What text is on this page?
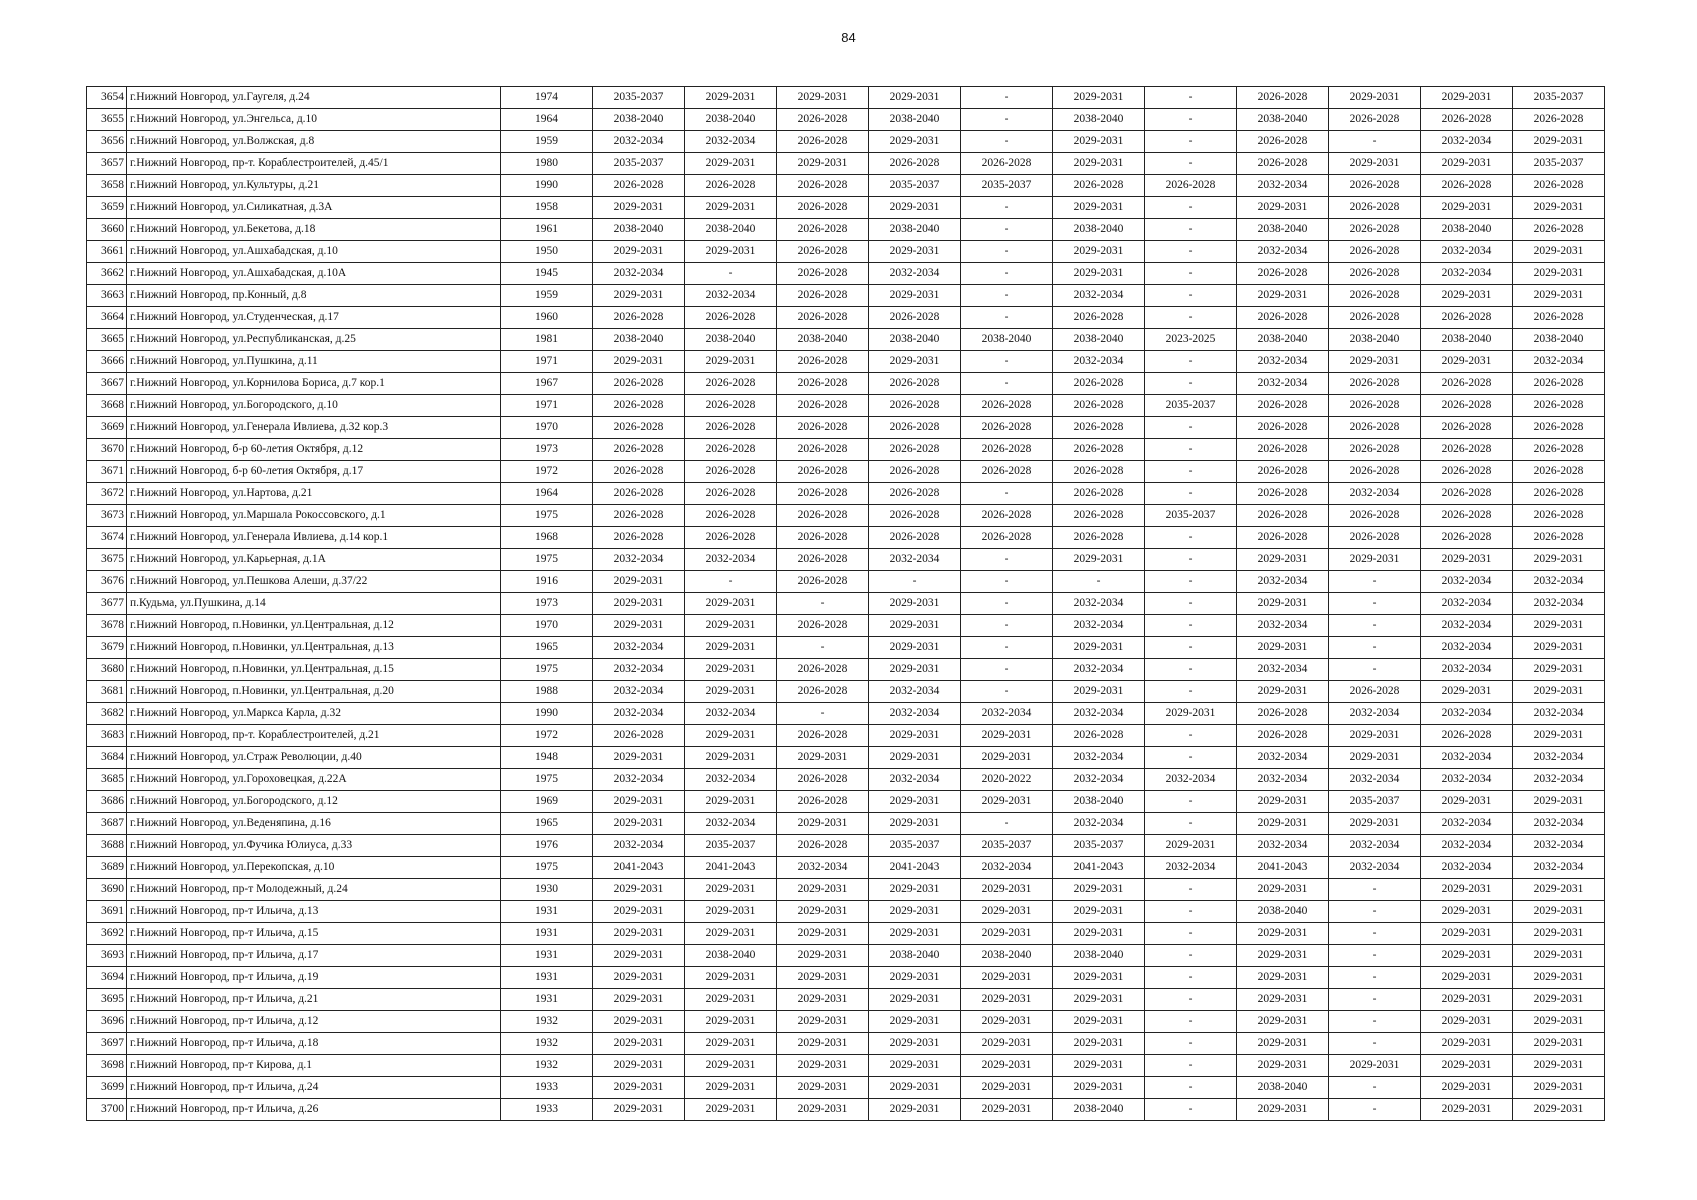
84
3654	г.Нижний Новгород, ул.Гаугеля, д.24	1974	2035-2037	2029-2031	2029-2031	2029-2031	-	2029-2031	-	2026-2028	2029-2031	2029-2031	2035-2037
3655	г.Нижний Новгород, ул.Энгельса, д.10	1964	2038-2040	2038-2040	2026-2028	2038-2040	-	2038-2040	-	2038-2040	2026-2028	2026-2028	2026-2028
3656	г.Нижний Новгород, ул.Волжская, д.8	1959	2032-2034	2032-2034	2026-2028	2029-2031	-	2029-2031	-	2026-2028	-	2032-2034	2029-2031
3657	г.Нижний Новгород, пр-т. Кораблестроителей, д.45/1	1980	2035-2037	2029-2031	2029-2031	2026-2028	2026-2028	2029-2031	-	2026-2028	2029-2031	2029-2031	2035-2037
3658	г.Нижний Новгород, ул.Культуры, д.21	1990	2026-2028	2026-2028	2026-2028	2035-2037	2035-2037	2026-2028	2026-2028	2032-2034	2026-2028	2026-2028	2026-2028
3659	г.Нижний Новгород, ул.Силикатная, д.3А	1958	2029-2031	2029-2031	2026-2028	2029-2031	-	2029-2031	-	2029-2031	2026-2028	2029-2031	2029-2031
3660	г.Нижний Новгород, ул.Бекетова, д.18	1961	2038-2040	2038-2040	2026-2028	2038-2040	-	2038-2040	-	2038-2040	2026-2028	2038-2040	2026-2028
3661	г.Нижний Новгород, ул.Ашхабадская, д.10	1950	2029-2031	2029-2031	2026-2028	2029-2031	-	2029-2031	-	2032-2034	2026-2028	2032-2034	2029-2031
3662	г.Нижний Новгород, ул.Ашхабадская, д.10А	1945	2032-2034	-	2026-2028	2032-2034	-	2029-2031	-	2026-2028	2026-2028	2032-2034	2029-2031
3663	г.Нижний Новгород, пр.Конный, д.8	1959	2029-2031	2032-2034	2026-2028	2029-2031	-	2032-2034	-	2029-2031	2026-2028	2029-2031	2029-2031
3664	г.Нижний Новгород, ул.Студенческая, д.17	1960	2026-2028	2026-2028	2026-2028	2026-2028	-	2026-2028	-	2026-2028	2026-2028	2026-2028	2026-2028
3665	г.Нижний Новгород, ул.Республиканская, д.25	1981	2038-2040	2038-2040	2038-2040	2038-2040	2038-2040	2038-2040	2023-2025	2038-2040	2038-2040	2038-2040	2038-2040
3666	г.Нижний Новгород, ул.Пушкина, д.11	1971	2029-2031	2029-2031	2026-2028	2029-2031	-	2032-2034	-	2032-2034	2029-2031	2029-2031	2032-2034
3667	г.Нижний Новгород, ул.Корнилова Бориса, д.7 кор.1	1967	2026-2028	2026-2028	2026-2028	2026-2028	-	2026-2028	-	2032-2034	2026-2028	2026-2028	2026-2028
3668	г.Нижний Новгород, ул.Богородского, д.10	1971	2026-2028	2026-2028	2026-2028	2026-2028	2026-2028	2026-2028	2035-2037	2026-2028	2026-2028	2026-2028	2026-2028
3669	г.Нижний Новгород, ул.Генерала Ивлиева, д.32 кор.3	1970	2026-2028	2026-2028	2026-2028	2026-2028	2026-2028	2026-2028	-	2026-2028	2026-2028	2026-2028	2026-2028
3670	г.Нижний Новгород, б-р 60-летия Октября, д.12	1973	2026-2028	2026-2028	2026-2028	2026-2028	2026-2028	2026-2028	-	2026-2028	2026-2028	2026-2028	2026-2028
3671	г.Нижний Новгород, б-р 60-летия Октября, д.17	1972	2026-2028	2026-2028	2026-2028	2026-2028	2026-2028	2026-2028	-	2026-2028	2026-2028	2026-2028	2026-2028
3672	г.Нижний Новгород, ул.Нартова, д.21	1964	2026-2028	2026-2028	2026-2028	2026-2028	-	2026-2028	-	2026-2028	2032-2034	2026-2028	2026-2028
3673	г.Нижний Новгород, ул.Маршала Рокоссовского, д.1	1975	2026-2028	2026-2028	2026-2028	2026-2028	2026-2028	2026-2028	2035-2037	2026-2028	2026-2028	2026-2028	2026-2028
3674	г.Нижний Новгород, ул.Генерала Ивлиева, д.14 кор.1	1968	2026-2028	2026-2028	2026-2028	2026-2028	2026-2028	2026-2028	-	2026-2028	2026-2028	2026-2028	2026-2028
3675	г.Нижний Новгород, ул.Карьерная, д.1А	1975	2032-2034	2032-2034	2026-2028	2032-2034	-	2029-2031	-	2029-2031	2029-2031	2029-2031	2029-2031
3676	г.Нижний Новгород, ул.Пешкова Алеши, д.37/22	1916	2029-2031	-	2026-2028	-	-	-	-	2032-2034	-	2032-2034	2032-2034
3677	п.Кудьма, ул.Пушкина, д.14	1973	2029-2031	2029-2031	-	2029-2031	-	2032-2034	-	2029-2031	-	2032-2034	2032-2034
3678	г.Нижний Новгород, п.Новинки, ул.Центральная, д.12	1970	2029-2031	2029-2031	2026-2028	2029-2031	-	2032-2034	-	2032-2034	-	2032-2034	2029-2031
3679	г.Нижний Новгород, п.Новинки, ул.Центральная, д.13	1965	2032-2034	2029-2031	-	2029-2031	-	2029-2031	-	2029-2031	-	2032-2034	2029-2031
3680	г.Нижний Новгород, п.Новинки, ул.Центральная, д.15	1975	2032-2034	2029-2031	2026-2028	2029-2031	-	2032-2034	-	2032-2034	-	2032-2034	2029-2031
3681	г.Нижний Новгород, п.Новинки, ул.Центральная, д.20	1988	2032-2034	2029-2031	2026-2028	2032-2034	-	2029-2031	-	2029-2031	2026-2028	2029-2031	2029-2031
3682	г.Нижний Новгород, ул.Маркса Карла, д.32	1990	2032-2034	2032-2034	-	2032-2034	2032-2034	2032-2034	2029-2031	2026-2028	2032-2034	2032-2034	2032-2034
3683	г.Нижний Новгород, пр-т. Кораблестроителей, д.21	1972	2026-2028	2029-2031	2026-2028	2029-2031	2029-2031	2026-2028	-	2026-2028	2029-2031	2026-2028	2029-2031
3684	г.Нижний Новгород, ул.Страж Революции, д.40	1948	2029-2031	2029-2031	2029-2031	2029-2031	2029-2031	2032-2034	-	2032-2034	2029-2031	2032-2034	2032-2034
3685	г.Нижний Новгород, ул.Гороховецкая, д.22А	1975	2032-2034	2032-2034	2026-2028	2032-2034	2020-2022	2032-2034	2032-2034	2032-2034	2032-2034	2032-2034	2032-2034
3686	г.Нижний Новгород, ул.Богородского, д.12	1969	2029-2031	2029-2031	2026-2028	2029-2031	2029-2031	2038-2040	-	2029-2031	2035-2037	2029-2031	2029-2031
3687	г.Нижний Новгород, ул.Веденяпина, д.16	1965	2029-2031	2032-2034	2029-2031	2029-2031	-	2032-2034	-	2029-2031	2029-2031	2032-2034	2032-2034
3688	г.Нижний Новгород, ул.Фучика Юлиуса, д.33	1976	2032-2034	2035-2037	2026-2028	2035-2037	2035-2037	2035-2037	2029-2031	2032-2034	2032-2034	2032-2034	2032-2034
3689	г.Нижний Новгород, ул.Перекопская, д.10	1975	2041-2043	2041-2043	2032-2034	2041-2043	2032-2034	2041-2043	2032-2034	2041-2043	2032-2034	2032-2034	2032-2034
3690	г.Нижний Новгород, пр-т Молодежный, д.24	1930	2029-2031	2029-2031	2029-2031	2029-2031	2029-2031	2029-2031	-	2029-2031	-	2029-2031	2029-2031
3691	г.Нижний Новгород, пр-т Ильича, д.13	1931	2029-2031	2029-2031	2029-2031	2029-2031	2029-2031	2029-2031	-	2038-2040	-	2029-2031	2029-2031
3692	г.Нижний Новгород, пр-т Ильича, д.15	1931	2029-2031	2029-2031	2029-2031	2029-2031	2029-2031	2029-2031	-	2029-2031	-	2029-2031	2029-2031
3693	г.Нижний Новгород, пр-т Ильича, д.17	1931	2029-2031	2038-2040	2029-2031	2038-2040	2038-2040	2038-2040	-	2029-2031	-	2029-2031	2029-2031
3694	г.Нижний Новгород, пр-т Ильича, д.19	1931	2029-2031	2029-2031	2029-2031	2029-2031	2029-2031	2029-2031	-	2029-2031	-	2029-2031	2029-2031
3695	г.Нижний Новгород, пр-т Ильича, д.21	1931	2029-2031	2029-2031	2029-2031	2029-2031	2029-2031	2029-2031	-	2029-2031	-	2029-2031	2029-2031
3696	г.Нижний Новгород, пр-т Ильича, д.12	1932	2029-2031	2029-2031	2029-2031	2029-2031	2029-2031	2029-2031	-	2029-2031	-	2029-2031	2029-2031
3697	г.Нижний Новгород, пр-т Ильича, д.18	1932	2029-2031	2029-2031	2029-2031	2029-2031	2029-2031	2029-2031	-	2029-2031	-	2029-2031	2029-2031
3698	г.Нижний Новгород, пр-т Кирова, д.1	1932	2029-2031	2029-2031	2029-2031	2029-2031	2029-2031	2029-2031	-	2029-2031	2029-2031	2029-2031	2029-2031
3699	г.Нижний Новгород, пр-т Ильича, д.24	1933	2029-2031	2029-2031	2029-2031	2029-2031	2029-2031	2029-2031	-	2038-2040	-	2029-2031	2029-2031
3700	г.Нижний Новгород, пр-т Ильича, д.26	1933	2029-2031	2029-2031	2029-2031	2029-2031	2029-2031	2038-2040	-	2029-2031	-	2029-2031	2029-2031
